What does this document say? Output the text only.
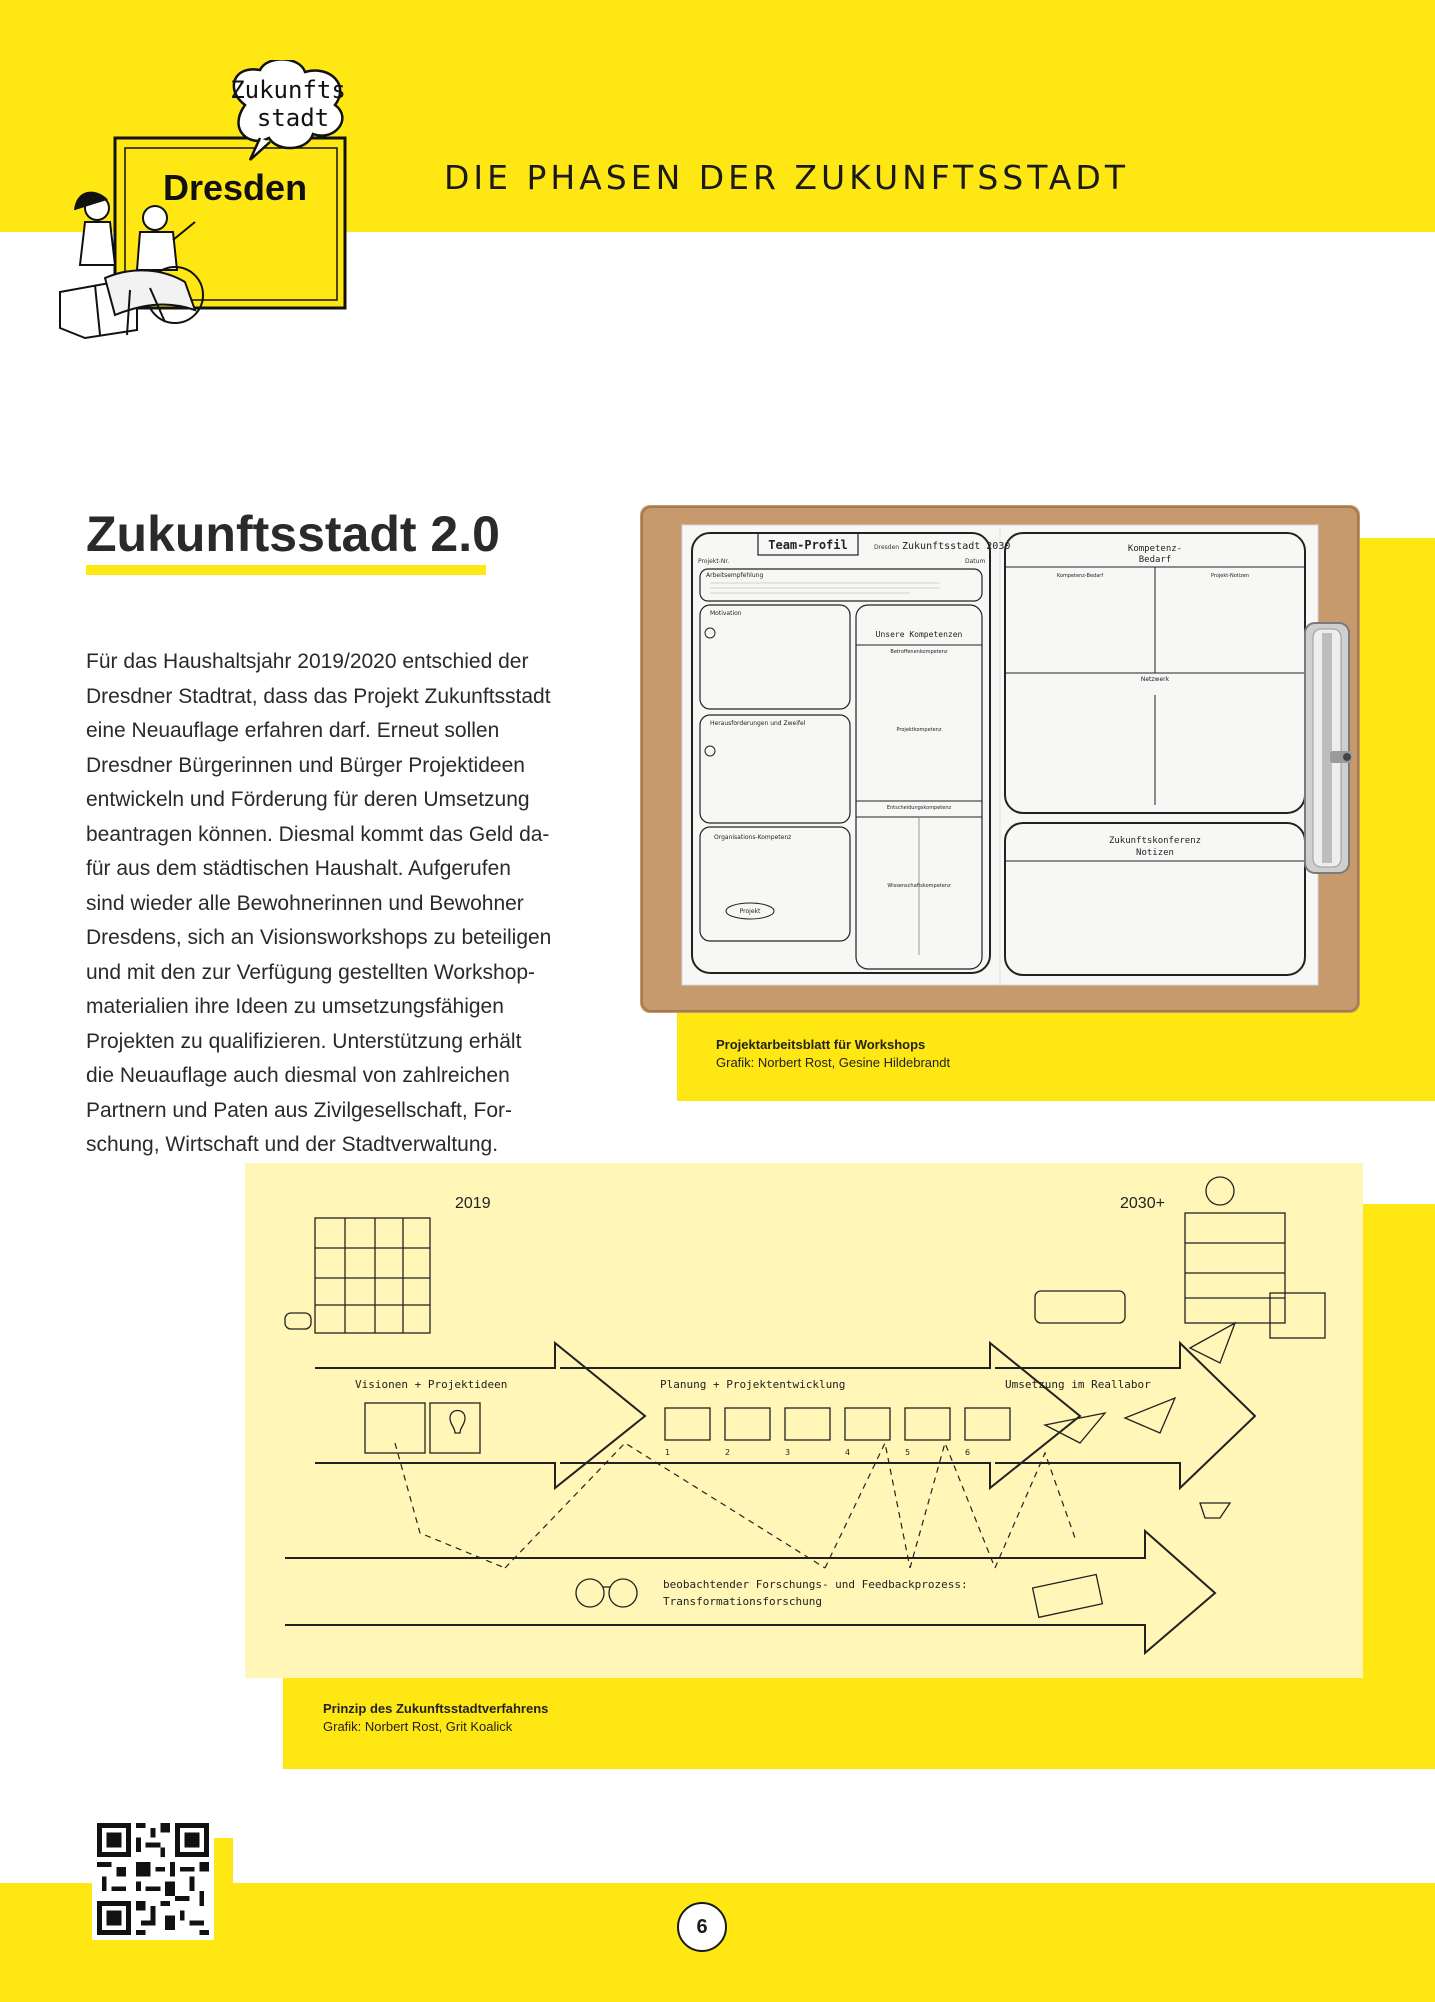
DIE PHASEN DER ZUKUNFTSSTADT
Zukunfts
stadt
Dresden
Zukunftsstadt 2.0
Für das Haushaltsjahr 2019/2020 entschied der
Dresdner Stadtrat, dass das Projekt Zukunftsstadt
eine Neuauflage erfahren darf. Erneut sollen
Dresdner Bürgerinnen und Bürger Projektideen
entwickeln und Förderung für deren Umsetzung
beantragen können. Diesmal kommt das Geld da-
für aus dem städtischen Haushalt. Aufgerufen
sind wieder alle Bewohnerinnen und Bewohner
Dresdens, sich an Visionsworkshops zu beteiligen
und mit den zur Verfügung gestellten Workshop-
materialien ihre Ideen zu umsetzungsfähigen
Projekten zu qualifizieren. Unterstützung erhält
die Neuauflage auch diesmal von zahlreichen
Partnern und Paten aus Zivilgesellschaft, For-
schung, Wirtschaft und der Stadtverwaltung.
Team-Profil	Dresden Zukunftsstadt 2030
Projekt-Nr.	Datum
Arbeitsempfehlung
Motivation
Herausforderungen und Zweifel
Organisations-Kompetenz
Projekt
Unsere Kompetenzen
Betroffenenkompetenz
Projektkompetenz
Entscheidungskompetenz
Wissenschaftskompetenz
Kompetenz-
Bedarf
Kompetenz-Bedarf	Projekt-Notizen
Netzwerk
Zukunftskonferenz
Notizen
Projektarbeitsblatt für Workshops
Grafik: Norbert Rost, Gesine Hildebrandt
2019	2030+
Visionen + Projektideen	Planung + Projektentwicklung	Umsetzung im Reallabor
1	2	3	4	5	6
beobachtender Forschungs- und Feedbackprozess:
Transformationsforschung
Prinzip des Zukunftsstadtverfahrens
Grafik: Norbert Rost, Grit Koalick
6
